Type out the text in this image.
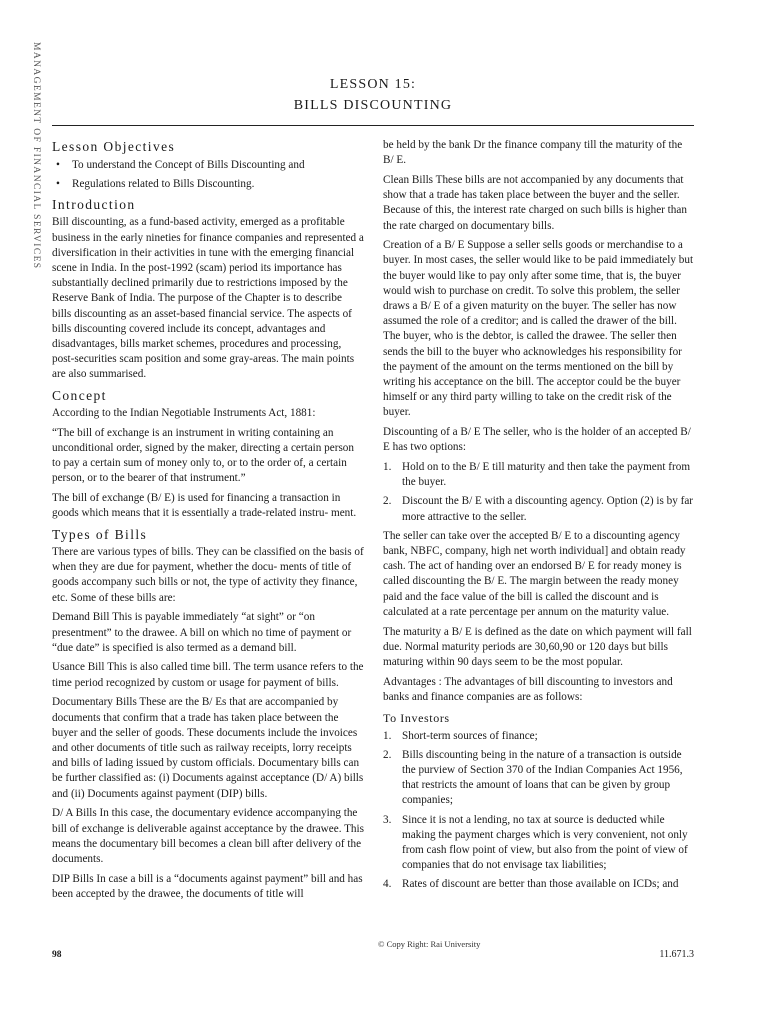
MANAGEMENT OF FINANCIAL SERVICES	LESSON 15:
BILLS DISCOUNTING
Lesson Objectives
• To understand the Concept of Bills Discounting and
• Regulations related to Bills Discounting.
Introduction

Bill discounting, as a fund-based activity, emerged as a profitable business in the early nineties for finance companies and represented a diversification in their activities in tune with the emerging financial scene in India. In the post-1992 (scam) period its importance has substantially declined primarily due to restrictions imposed by the Reserve Bank of India. The purpose of the Chapter is to describe bills discounting as an asset-based financial service. The aspects of bills discounting covered include its concept, advantages and disadvantages, bills market schemes, procedures and processing, post-securities scam position and some gray-areas. The main points are also summarised.

Concept

According to the Indian Negotiable Instruments Act, 1881:

“The bill of exchange is an instrument in writing containing an unconditional order, signed by the maker, directing a certain person to pay a certain sum of money only to, or to the order of, a certain person, or to the bearer of that instrument.”

The bill of exchange (B/ E) is used for financing a transaction in goods which means that it is essentially a trade-related instru- ment.

Types of Bills

There are various types of bills. They can be classified on the basis of when they are due for payment, whether the docu- ments of title of goods accompany such bills or not, the type of activity they finance, etc. Some of these bills are:

Demand Bill This is payable immediately “at sight” or “on presentment” to the drawee. A bill on which no time of payment or “due date” is specified is also termed as a demand bill.

Usance Bill This is also called time bill. The term usance refers to the time period recognized by custom or usage for payment of bills.

Documentary Bills These are the B/ Es that are accompanied by documents that confirm that a trade has taken place between the buyer and the seller of goods. These documents include the invoices and other documents of title such as railway receipts, lorry receipts and bills of lading issued by custom officials. Documentary bills can be further classified as: (i) Documents against acceptance (D/ A) bills and (ii) Documents against payment (DIP) bills.

D/ A Bills In this case, the documentary evidence accompanying the bill of exchange is deliverable against acceptance by the drawee. This means the documentary bill becomes a clean bill after delivery of the documents.

DIP Bills In case a bill is a “documents against payment” bill and has been accepted by the drawee, the documents of title will

be held by the bank Dr the finance company till the maturity of the B/ E.

Clean Bills These bills are not accompanied by any documents that show that a trade has taken place between the buyer and the seller. Because of this, the interest rate charged on such bills is higher than the rate charged on documentary bills.

Creation of a B/ E Suppose a seller sells goods or merchandise to a buyer. In most cases, the seller would like to be paid immediately but the buyer would like to pay only after some time, that is, the buyer would wish to purchase on credit. To solve this problem, the seller draws a B/ E of a given maturity on the buyer. The seller has now assumed the role of a creditor; and is called the drawer of the bill. The buyer, who is the debtor, is called the drawee. The seller then sends the bill to the buyer who acknowledges his responsibility for the payment of the amount on the terms mentioned on the bill by writing his acceptance on the bill. The acceptor could be the buyer himself or any third party willing to take on the credit risk of the buyer.

Discounting of a B/ E The seller, who is the holder of an accepted B/ E has two options:

1. Hold on to the B/ E till maturity and then take the payment from the buyer.
2. Discount the B/ E with a discounting agency. Option (2) is by far more attractive to the seller.

The seller can take over the accepted B/ E to a discounting agency bank, NBFC, company, high net worth individual] and obtain ready cash. The act of handing over an endorsed B/ E for ready money is called discounting the B/ E. The margin between the ready money paid and the face value of the bill is called the discount and is calculated at a rate percentage per annum on the maturity value.

The maturity a B/ E is defined as the date on which payment will fall due. Normal maturity periods are 30,60,90 or 120 days but bills maturing within 90 days seem to be the most popular.

Advantages : The advantages of bill discounting to investors and banks and finance companies are as follows:

To Investors
1. Short-term sources of finance;
2. Bills discounting being in the nature of a transaction is outside the purview of Section 370 of the Indian Companies Act 1956, that restricts the amount of loans that can be given by group companies;
3. Since it is not a lending, no tax at source is deducted while making the payment charges which is very convenient, not only from cash flow point of view, but also from the point of view of companies that do not envisage tax liabilities;
4. Rates of discount are better than those available on ICDs; and
© Copy Right: Rai University
98	11.671.3
